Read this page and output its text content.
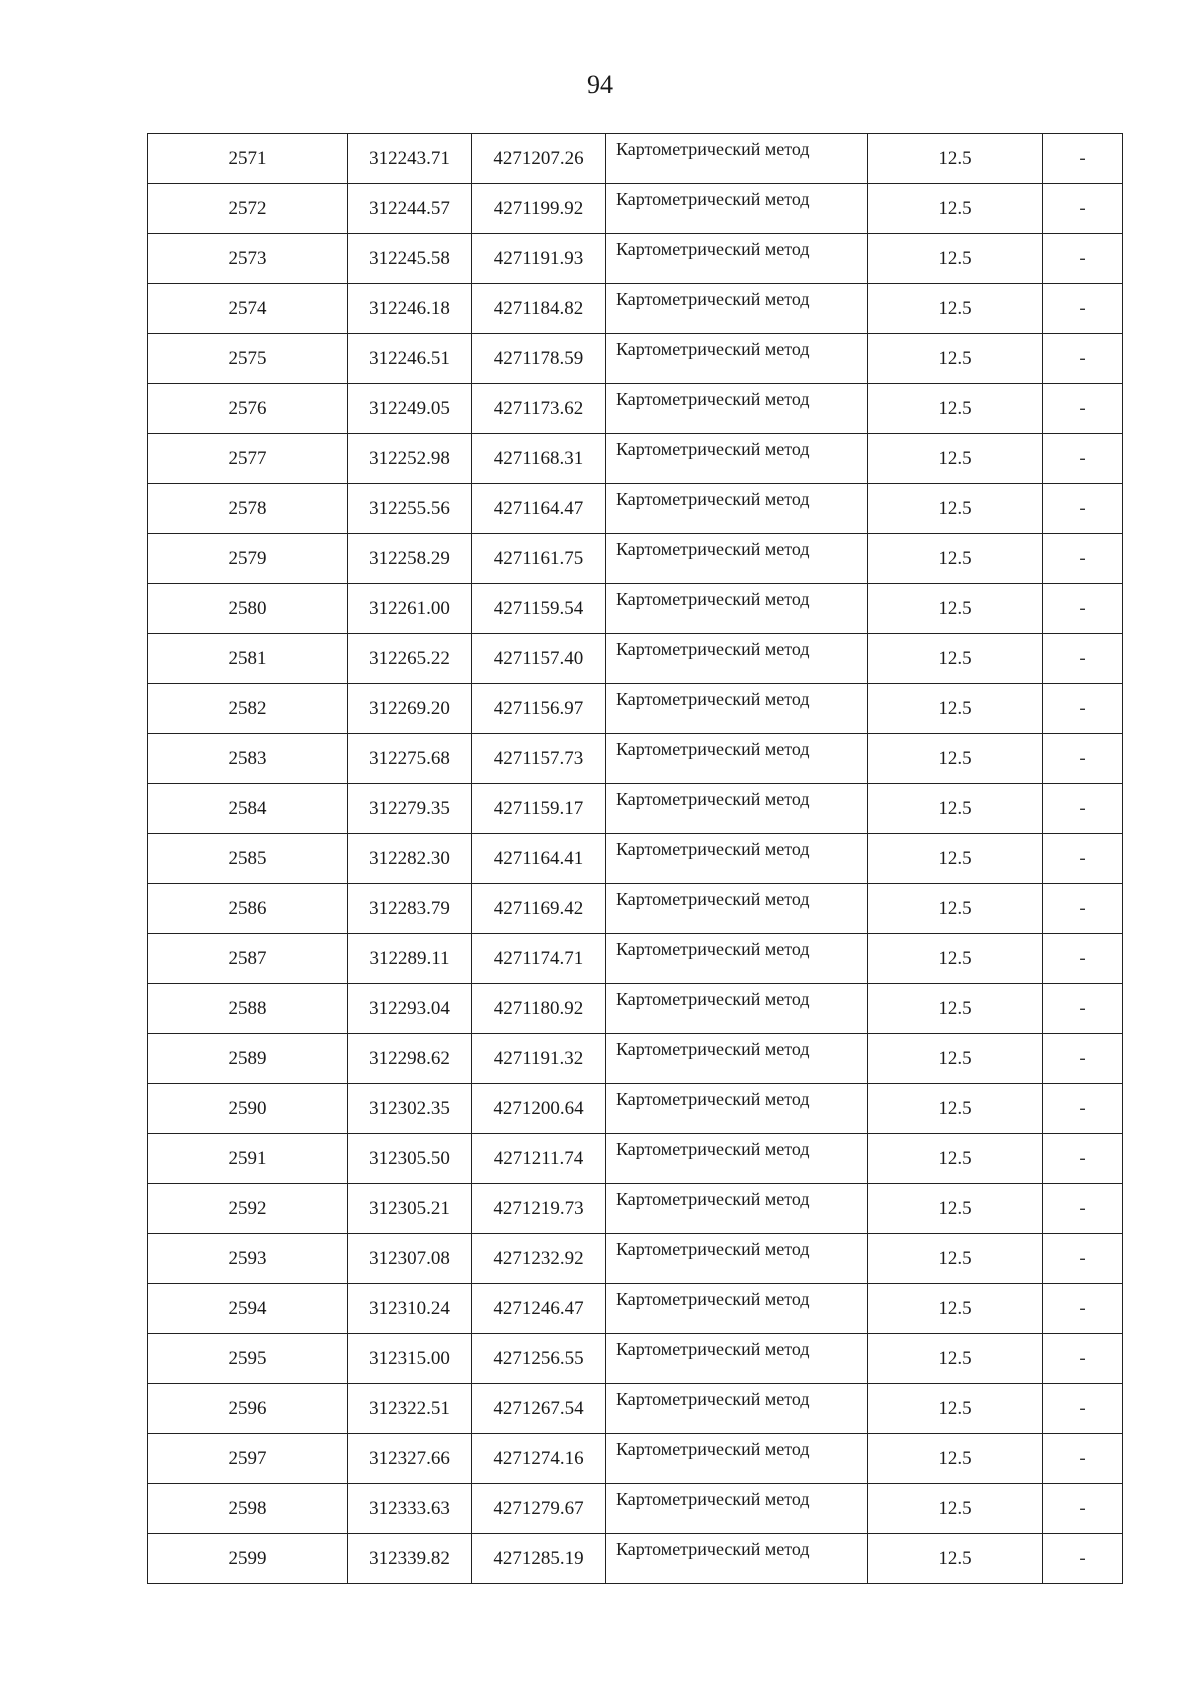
94
2571	312243.71	4271207.26	Картометрический метод	12.5	-
2572	312244.57	4271199.92	Картометрический метод	12.5	-
2573	312245.58	4271191.93	Картометрический метод	12.5	-
2574	312246.18	4271184.82	Картометрический метод	12.5	-
2575	312246.51	4271178.59	Картометрический метод	12.5	-
2576	312249.05	4271173.62	Картометрический метод	12.5	-
2577	312252.98	4271168.31	Картометрический метод	12.5	-
2578	312255.56	4271164.47	Картометрический метод	12.5	-
2579	312258.29	4271161.75	Картометрический метод	12.5	-
2580	312261.00	4271159.54	Картометрический метод	12.5	-
2581	312265.22	4271157.40	Картометрический метод	12.5	-
2582	312269.20	4271156.97	Картометрический метод	12.5	-
2583	312275.68	4271157.73	Картометрический метод	12.5	-
2584	312279.35	4271159.17	Картометрический метод	12.5	-
2585	312282.30	4271164.41	Картометрический метод	12.5	-
2586	312283.79	4271169.42	Картометрический метод	12.5	-
2587	312289.11	4271174.71	Картометрический метод	12.5	-
2588	312293.04	4271180.92	Картометрический метод	12.5	-
2589	312298.62	4271191.32	Картометрический метод	12.5	-
2590	312302.35	4271200.64	Картометрический метод	12.5	-
2591	312305.50	4271211.74	Картометрический метод	12.5	-
2592	312305.21	4271219.73	Картометрический метод	12.5	-
2593	312307.08	4271232.92	Картометрический метод	12.5	-
2594	312310.24	4271246.47	Картометрический метод	12.5	-
2595	312315.00	4271256.55	Картометрический метод	12.5	-
2596	312322.51	4271267.54	Картометрический метод	12.5	-
2597	312327.66	4271274.16	Картометрический метод	12.5	-
2598	312333.63	4271279.67	Картометрический метод	12.5	-
2599	312339.82	4271285.19	Картометрический метод	12.5	-
